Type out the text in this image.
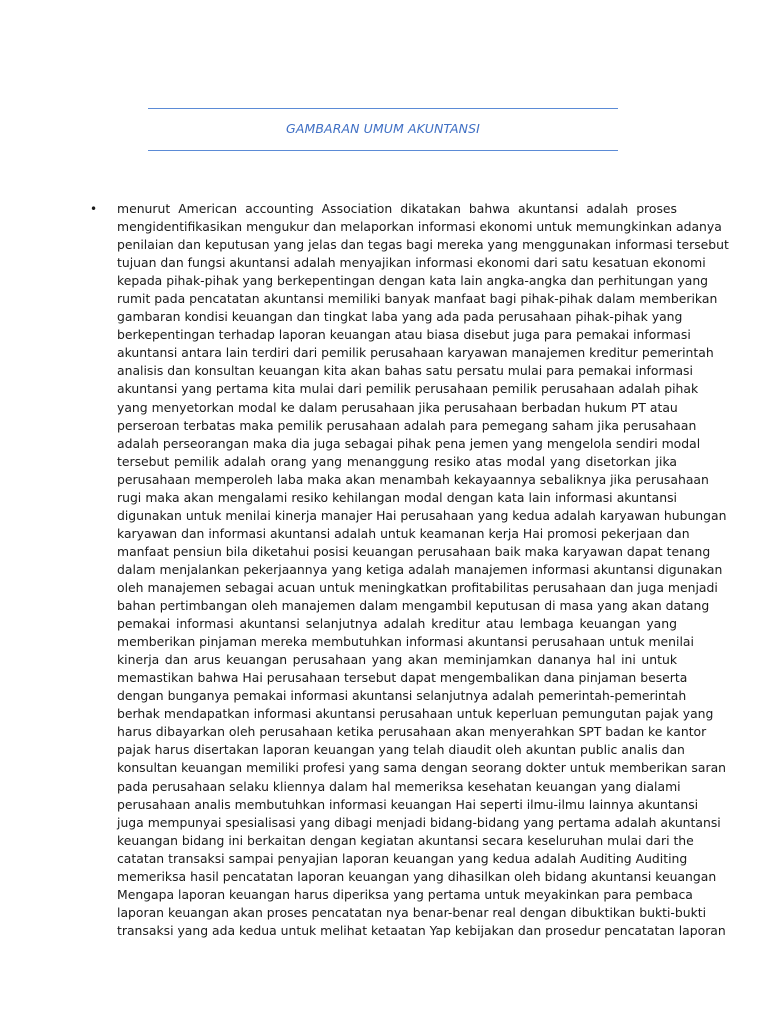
GAMBARAN UMUM AKUNTANSI
• menurut American accounting Association dikatakan bahwa akuntansi adalah proses
mengidentifikasikan mengukur dan melaporkan informasi ekonomi untuk memungkinkan adanya
penilaian dan keputusan yang jelas dan tegas bagi mereka yang menggunakan informasi tersebut
tujuan dan fungsi akuntansi adalah menyajikan informasi ekonomi dari satu kesatuan ekonomi
kepada pihak-pihak yang berkepentingan dengan kata lain angka-angka dan perhitungan yang
rumit pada pencatatan akuntansi memiliki banyak manfaat bagi pihak-pihak dalam memberikan
gambaran kondisi keuangan dan tingkat laba yang ada pada perusahaan pihak-pihak yang
berkepentingan terhadap laporan keuangan atau biasa disebut juga para pemakai informasi
akuntansi antara lain terdiri dari pemilik perusahaan karyawan manajemen kreditur pemerintah
analisis dan konsultan keuangan kita akan bahas satu persatu mulai para pemakai informasi
akuntansi yang pertama kita mulai dari pemilik perusahaan pemilik perusahaan adalah pihak
yang menyetorkan modal ke dalam perusahaan jika perusahaan berbadan hukum PT atau
perseroan terbatas maka pemilik perusahaan adalah para pemegang saham jika perusahaan
adalah perseorangan maka dia juga sebagai pihak pena jemen yang mengelola sendiri modal
tersebut pemilik adalah orang yang menanggung resiko atas modal yang disetorkan jika
perusahaan memperoleh laba maka akan menambah kekayaannya sebaliknya jika perusahaan
rugi maka akan mengalami resiko kehilangan modal dengan kata lain informasi akuntansi
digunakan untuk menilai kinerja manajer Hai perusahaan yang kedua adalah karyawan hubungan
karyawan dan informasi akuntansi adalah untuk keamanan kerja Hai promosi pekerjaan dan
manfaat pensiun bila diketahui posisi keuangan perusahaan baik maka karyawan dapat tenang
dalam menjalankan pekerjaannya yang ketiga adalah manajemen informasi akuntansi digunakan
oleh manajemen sebagai acuan untuk meningkatkan profitabilitas perusahaan dan juga menjadi
bahan pertimbangan oleh manajemen dalam mengambil keputusan di masa yang akan datang
pemakai informasi akuntansi selanjutnya adalah kreditur atau lembaga keuangan yang
memberikan pinjaman mereka membutuhkan informasi akuntansi perusahaan untuk menilai
kinerja dan arus keuangan perusahaan yang akan meminjamkan dananya hal ini untuk
memastikan bahwa Hai perusahaan tersebut dapat mengembalikan dana pinjaman beserta
dengan bunganya pemakai informasi akuntansi selanjutnya adalah pemerintah-pemerintah
berhak mendapatkan informasi akuntansi perusahaan untuk keperluan pemungutan pajak yang
harus dibayarkan oleh perusahaan ketika perusahaan akan menyerahkan SPT badan ke kantor
pajak harus disertakan laporan keuangan yang telah diaudit oleh akuntan public analis dan
konsultan keuangan memiliki profesi yang sama dengan seorang dokter untuk memberikan saran
pada perusahaan selaku kliennya dalam hal memeriksa kesehatan keuangan yang dialami
perusahaan analis membutuhkan informasi keuangan Hai seperti ilmu-ilmu lainnya akuntansi
juga mempunyai spesialisasi yang dibagi menjadi bidang-bidang yang pertama adalah akuntansi
keuangan bidang ini berkaitan dengan kegiatan akuntansi secara keseluruhan mulai dari the
catatan transaksi sampai penyajian laporan keuangan yang kedua adalah Auditing Auditing
memeriksa hasil pencatatan laporan keuangan yang dihasilkan oleh bidang akuntansi keuangan
Mengapa laporan keuangan harus diperiksa yang pertama untuk meyakinkan para pembaca
laporan keuangan akan proses pencatatan nya benar-benar real dengan dibuktikan bukti-bukti
transaksi yang ada kedua untuk melihat ketaatan Yap kebijakan dan prosedur pencatatan laporan
